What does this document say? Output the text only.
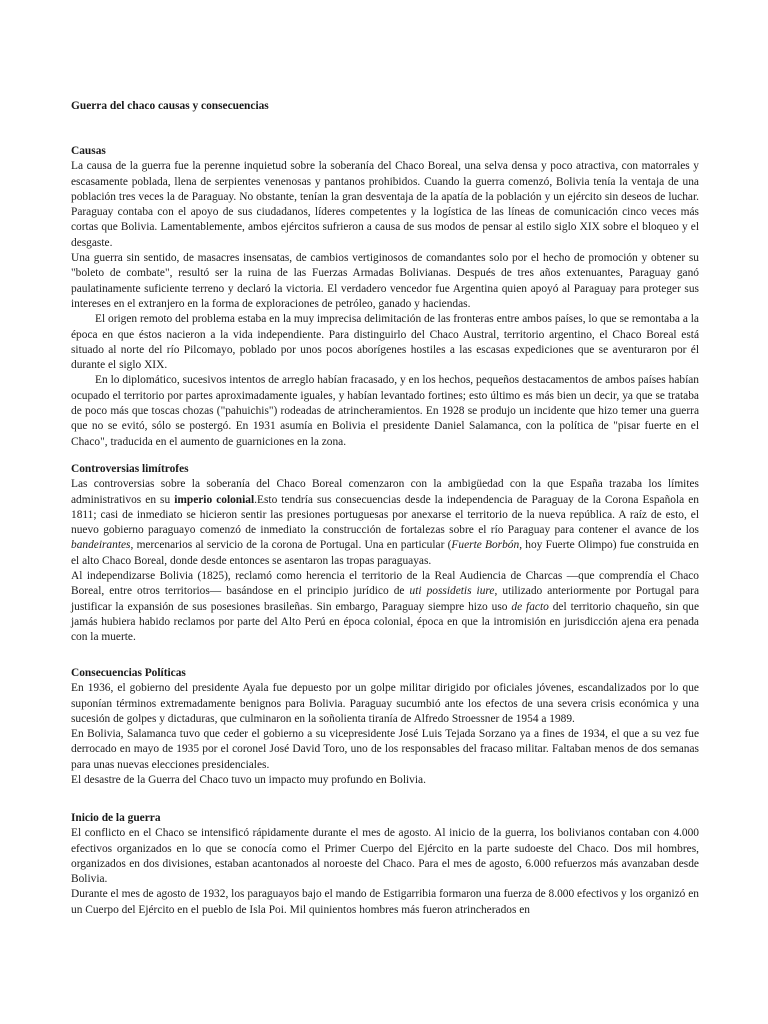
Guerra del chaco causas y consecuencias
Causas

La causa de la guerra fue la perenne inquietud sobre la soberanía del Chaco Boreal, una selva densa y poco atractiva, con matorrales y escasamente poblada, llena de serpientes venenosas y pantanos prohibidos. Cuando la guerra comenzó, Bolivia tenía la ventaja de una población tres veces la de Paraguay. No obstante, tenían la gran desventaja de la apatía de la población y un ejército sin deseos de luchar. Paraguay contaba con el apoyo de sus ciudadanos, líderes competentes y la logística de las líneas de comunicación cinco veces más cortas que Bolivia. Lamentablemente, ambos ejércitos sufrieron a causa de sus modos de pensar al estilo siglo XIX sobre el bloqueo y el desgaste.

Una guerra sin sentido, de masacres insensatas, de cambios vertiginosos de comandantes solo por el hecho de promoción y obtener su "boleto de combate", resultó ser la ruina de las Fuerzas Armadas Bolivianas. Después de tres años extenuantes, Paraguay ganó paulatinamente suficiente terreno y declaró la victoria. El verdadero vencedor fue Argentina quien apoyó al Paraguay para proteger sus intereses en el extranjero en la forma de exploraciones de petróleo, ganado y haciendas.

El origen remoto del problema estaba en la muy imprecisa delimitación de las fronteras entre ambos países, lo que se remontaba a la época en que éstos nacieron a la vida independiente. Para distinguirlo del Chaco Austral, territorio argentino, el Chaco Boreal está situado al norte del río Pilcomayo, poblado por unos pocos aborígenes hostiles a las escasas expediciones que se aventuraron por él durante el siglo XIX.

En lo diplomático, sucesivos intentos de arreglo habían fracasado, y en los hechos, pequeños destacamentos de ambos países habían ocupado el territorio por partes aproximadamente iguales, y habían levantado fortines; esto último es más bien un decir, ya que se trataba de poco más que toscas chozas ("pahuichis") rodeadas de atrincheramientos. En 1928 se produjo un incidente que hizo temer una guerra que no se evitó, sólo se postergó. En 1931 asumía en Bolivia el presidente Daniel Salamanca, con la política de "pisar fuerte en el Chaco", traducida en el aumento de guarniciones en la zona.

Controversias limítrofes

Las controversias sobre la soberanía del Chaco Boreal comenzaron con la ambigüedad con la que España trazaba los límites administrativos en su imperio colonial.Esto tendría sus consecuencias desde la independencia de Paraguay de la Corona Española en 1811; casi de inmediato se hicieron sentir las presiones portuguesas por anexarse el territorio de la nueva república. A raíz de esto, el nuevo gobierno paraguayo comenzó de inmediato la construcción de fortalezas sobre el río Paraguay para contener el avance de los bandeirantes, mercenarios al servicio de la corona de Portugal. Una en particular (Fuerte Borbón, hoy Fuerte Olimpo) fue construida en el alto Chaco Boreal, donde desde entonces se asentaron las tropas paraguayas.

Al independizarse Bolivia (1825), reclamó como herencia el territorio de la Real Audiencia de Charcas —que comprendía el Chaco Boreal, entre otros territorios— basándose en el principio jurídico de uti possidetis iure, utilizado anteriormente por Portugal para justificar la expansión de sus posesiones brasileñas. Sin embargo, Paraguay siempre hizo uso de facto del territorio chaqueño, sin que jamás hubiera habido reclamos por parte del Alto Perú en época colonial, época en que la intromisión en jurisdicción ajena era penada con la muerte.

Consecuencias Políticas

En 1936, el gobierno del presidente Ayala fue depuesto por un golpe militar dirigido por oficiales jóvenes, escandalizados por lo que suponían términos extremadamente benignos para Bolivia. Paraguay sucumbió ante los efectos de una severa crisis económica y una sucesión de golpes y dictaduras, que culminaron en la soñolienta tiranía de Alfredo Stroessner de 1954 a 1989.

En Bolivia, Salamanca tuvo que ceder el gobierno a su vicepresidente José Luis Tejada Sorzano ya a fines de 1934, el que a su vez fue derrocado en mayo de 1935 por el coronel José David Toro, uno de los responsables del fracaso militar. Faltaban menos de dos semanas para unas nuevas elecciones presidenciales.

El desastre de la Guerra del Chaco tuvo un impacto muy profundo en Bolivia.

Inicio de la guerra

El conflicto en el Chaco se intensificó rápidamente durante el mes de agosto. Al inicio de la guerra, los bolivianos contaban con 4.000 efectivos organizados en lo que se conocía como el Primer Cuerpo del Ejército en la parte sudoeste del Chaco. Dos mil hombres, organizados en dos divisiones, estaban acantonados al noroeste del Chaco. Para el mes de agosto, 6.000 refuerzos más avanzaban desde Bolivia.

Durante el mes de agosto de 1932, los paraguayos bajo el mando de Estigarribia formaron una fuerza de 8.000 efectivos y los organizó en un Cuerpo del Ejército en el pueblo de Isla Poi. Mil quinientos hombres más fueron atrincherados en
